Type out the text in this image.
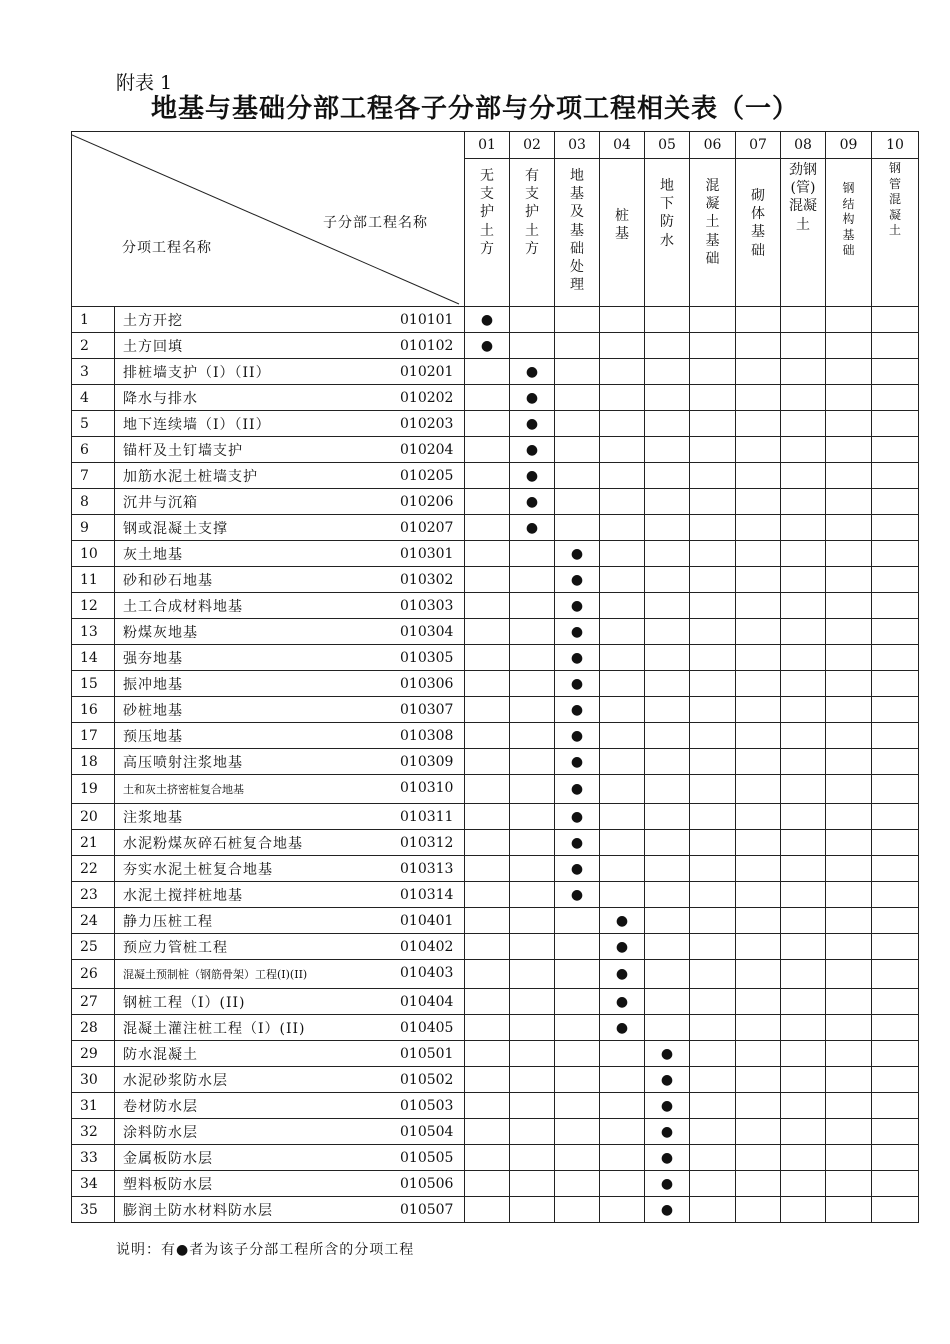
附表 1
地基与基础分部工程各子分部与分项工程相关表（一）
子分部工程名称
分项工程名称		01	02	03	04	05	06	07	08	09	10
		无支护土方	有支护土方	地基及基础处理	桩基	地下防水	混凝土基础	砌体基础	劲钢(管)混凝土	钢结构基础	钢管混凝土
1	土方开挖 010101	●									
2	土方回填 010102	●									
3	排桩墙支护（I）（II） 010201		●								
4	降水与排水 010202		●								
5	地下连续墙（I）（II） 010203		●								
6	锚杆及土钉墙支护 010204		●								
7	加筋水泥土桩墙支护 010205		●								
8	沉井与沉箱 010206		●								
9	钢或混凝土支撑 010207		●								
10	灰土地基 010301			●							
11	砂和砂石地基 010302			●							
12	土工合成材料地基 010303			●							
13	粉煤灰地基 010304			●							
14	强夯地基 010305			●							
15	振冲地基 010306			●							
16	砂桩地基 010307			●							
17	预压地基 010308			●							
18	高压喷射注浆地基 010309			●							
19	土和灰土挤密桩复合地基 010310			●							
20	注浆地基 010311			●							
21	水泥粉煤灰碎石桩复合地基 010312			●							
22	夯实水泥土桩复合地基 010313			●							
23	水泥土搅拌桩地基 010314			●							
24	静力压桩工程 010401				●						
25	预应力管桩工程 010402				●						
26	混凝土预制桩（钢筋骨架）工程(I)(II) 010403				●						
27	钢桩工程（I）(II) 010404				●						
28	混凝土灌注桩工程（I）(II) 010405				●						
29	防水混凝土 010501					●					
30	水泥砂浆防水层 010502					●					
31	卷材防水层 010503					●					
32	涂料防水层 010504					●					
33	金属板防水层 010505					●					
34	塑料板防水层 010506					●					
35	膨润土防水材料防水层 010507					●					
说明：有●者为该子分部工程所含的分项工程
